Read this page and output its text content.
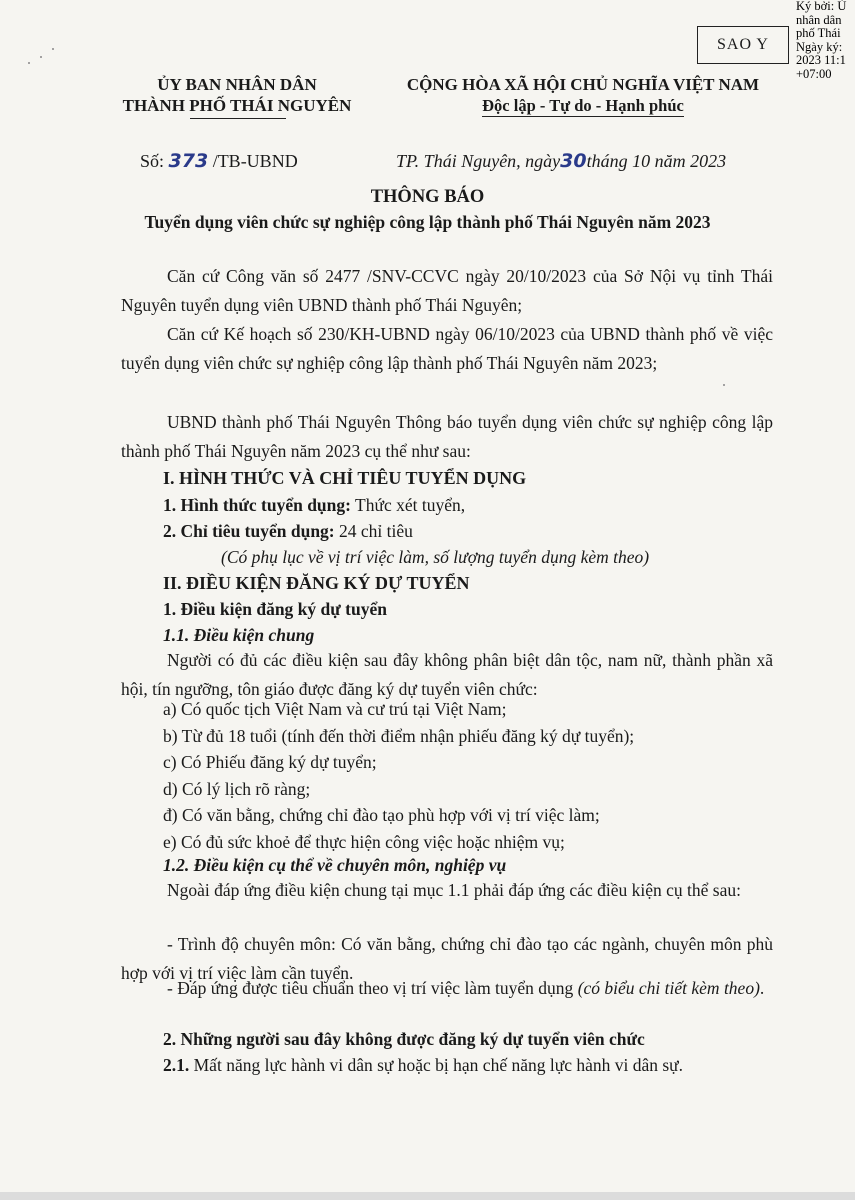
SAO Y
Ký bởi: Ủ
nhân dân
phố Thái
Ngày ký:
2023 11:1
+07:00
ỦY BAN NHÂN DÂN
THÀNH PHỐ THÁI NGUYÊN
CỘNG HÒA XÃ HỘI CHỦ NGHĨA VIỆT NAM
Độc lập - Tự do - Hạnh phúc
Số: 373 /TB-UBND	TP. Thái Nguyên, ngày30tháng 10 năm 2023
THÔNG BÁO
Tuyển dụng viên chức sự nghiệp công lập thành phố Thái Nguyên năm 2023
Căn cứ Công văn số 2477 /SNV-CCVC ngày 20/10/2023 của Sở Nội vụ tỉnh Thái Nguyên tuyển dụng viên UBND thành phố Thái Nguyên;
Căn cứ Kế hoạch số 230/KH-UBND ngày 06/10/2023 của UBND thành phố về việc tuyển dụng viên chức sự nghiệp công lập thành phố Thái Nguyên năm 2023;
UBND thành phố Thái Nguyên Thông báo tuyển dụng viên chức sự nghiệp công lập thành phố Thái Nguyên năm 2023 cụ thể như sau:
I. HÌNH THỨC VÀ CHỈ TIÊU TUYỂN DỤNG
1. Hình thức tuyển dụng: Thức xét tuyển,
2. Chỉ tiêu tuyển dụng: 24 chỉ tiêu
(Có phụ lục về vị trí việc làm, số lượng tuyển dụng kèm theo)
II. ĐIỀU KIỆN ĐĂNG KÝ DỰ TUYỂN
1. Điều kiện đăng ký dự tuyển
1.1. Điều kiện chung
Người có đủ các điều kiện sau đây không phân biệt dân tộc, nam nữ, thành phần xã hội, tín ngưỡng, tôn giáo được đăng ký dự tuyển viên chức:
a) Có quốc tịch Việt Nam và cư trú tại Việt Nam;
b) Từ đủ 18 tuổi (tính đến thời điểm nhận phiếu đăng ký dự tuyển);
c) Có Phiếu đăng ký dự tuyển;
d) Có lý lịch rõ ràng;
đ) Có văn bằng, chứng chỉ đào tạo phù hợp với vị trí việc làm;
e) Có đủ sức khoẻ để thực hiện công việc hoặc nhiệm vụ;
1.2. Điều kiện cụ thể về chuyên môn, nghiệp vụ
Ngoài đáp ứng điều kiện chung tại mục 1.1 phải đáp ứng các điều kiện cụ thể sau:
- Trình độ chuyên môn: Có văn bằng, chứng chỉ đào tạo các ngành, chuyên môn phù hợp với vị trí việc làm cần tuyển.
- Đáp ứng được tiêu chuẩn theo vị trí việc làm tuyển dụng (có biểu chi tiết kèm theo).
2. Những người sau đây không được đăng ký dự tuyển viên chức
2.1. Mất năng lực hành vi dân sự hoặc bị hạn chế năng lực hành vi dân sự.
